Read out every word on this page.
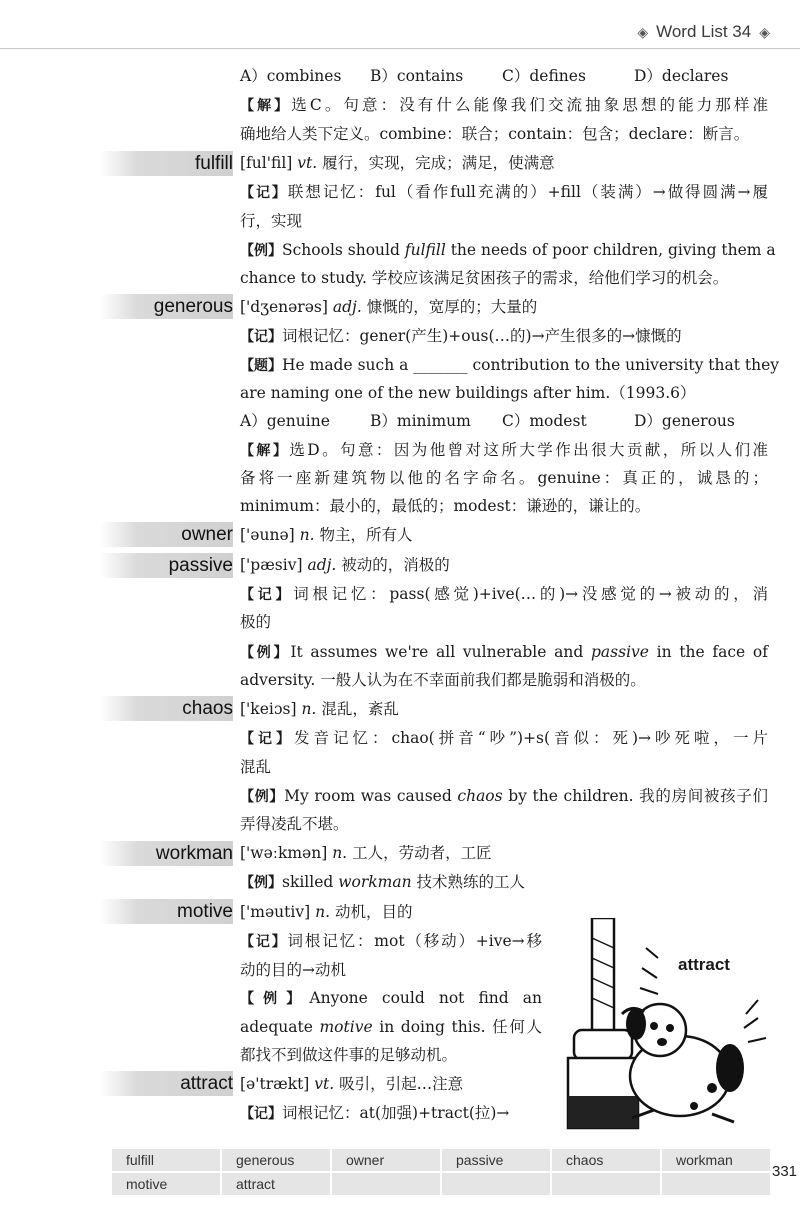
◈ Word List 34 ◈
A）combines	B）contains	C）defines	D）declares
【解】选C。句意：没有什么能像我们交流抽象思想的能力那样准
确地给人类下定义。combine：联合；contain：包含；declare：断言。
fulfill [ful'fil] vt. 履行，实现，完成；满足，使满意
【记】联想记忆：ful（看作full充满的）+fill（装满）→做得圆满→履
行，实现
【例】Schools should fulfill the needs of poor children, giving them a
chance to study. 学校应该满足贫困孩子的需求，给他们学习的机会。
generous ['dʒenərəs] adj. 慷慨的，宽厚的；大量的
【记】词根记忆：gener(产生)+ous(…的)→产生很多的→慷慨的
【题】He made such a _______ contribution to the university that they
are naming one of the new buildings after him.（1993.6）
A）genuine	B）minimum	C）modest	D）generous
【解】选D。句意：因为他曾对这所大学作出很大贡献，所以人们准
备将一座新建筑物以他的名字命名。genuine：真正的，诚恳的；
minimum：最小的，最低的；modest：谦逊的，谦让的。
owner ['əunə] n. 物主，所有人
passive ['pæsiv] adj. 被动的，消极的
【记】词根记忆：pass(感觉)+ive(…的)→没感觉的→被动的，消
极的
【例】It assumes we're all vulnerable and passive in the face of
adversity. 一般人认为在不幸面前我们都是脆弱和消极的。
chaos ['keiɔs] n. 混乱，紊乱
【记】发音记忆：chao(拼音“吵”)+s(音似：死)→吵死啦，一片
混乱
【例】My room was caused chaos by the children. 我的房间被孩子们
弄得凌乱不堪。
workman ['wəːkmən] n. 工人，劳动者，工匠
【例】skilled workman 技术熟练的工人
motive ['məutiv] n. 动机，目的
【记】词根记忆：mot（移动）+ive→移
动的目的→动机
【例】Anyone could not find an
adequate motive in doing this. 任何人
都找不到做这件事的足够动机。
attract [ə'trækt] vt. 吸引，引起…注意
【记】词根记忆：at(加强)+tract(拉)→
attract
fulfill	generous	owner	passive	chaos	workman
motive	attract
331
